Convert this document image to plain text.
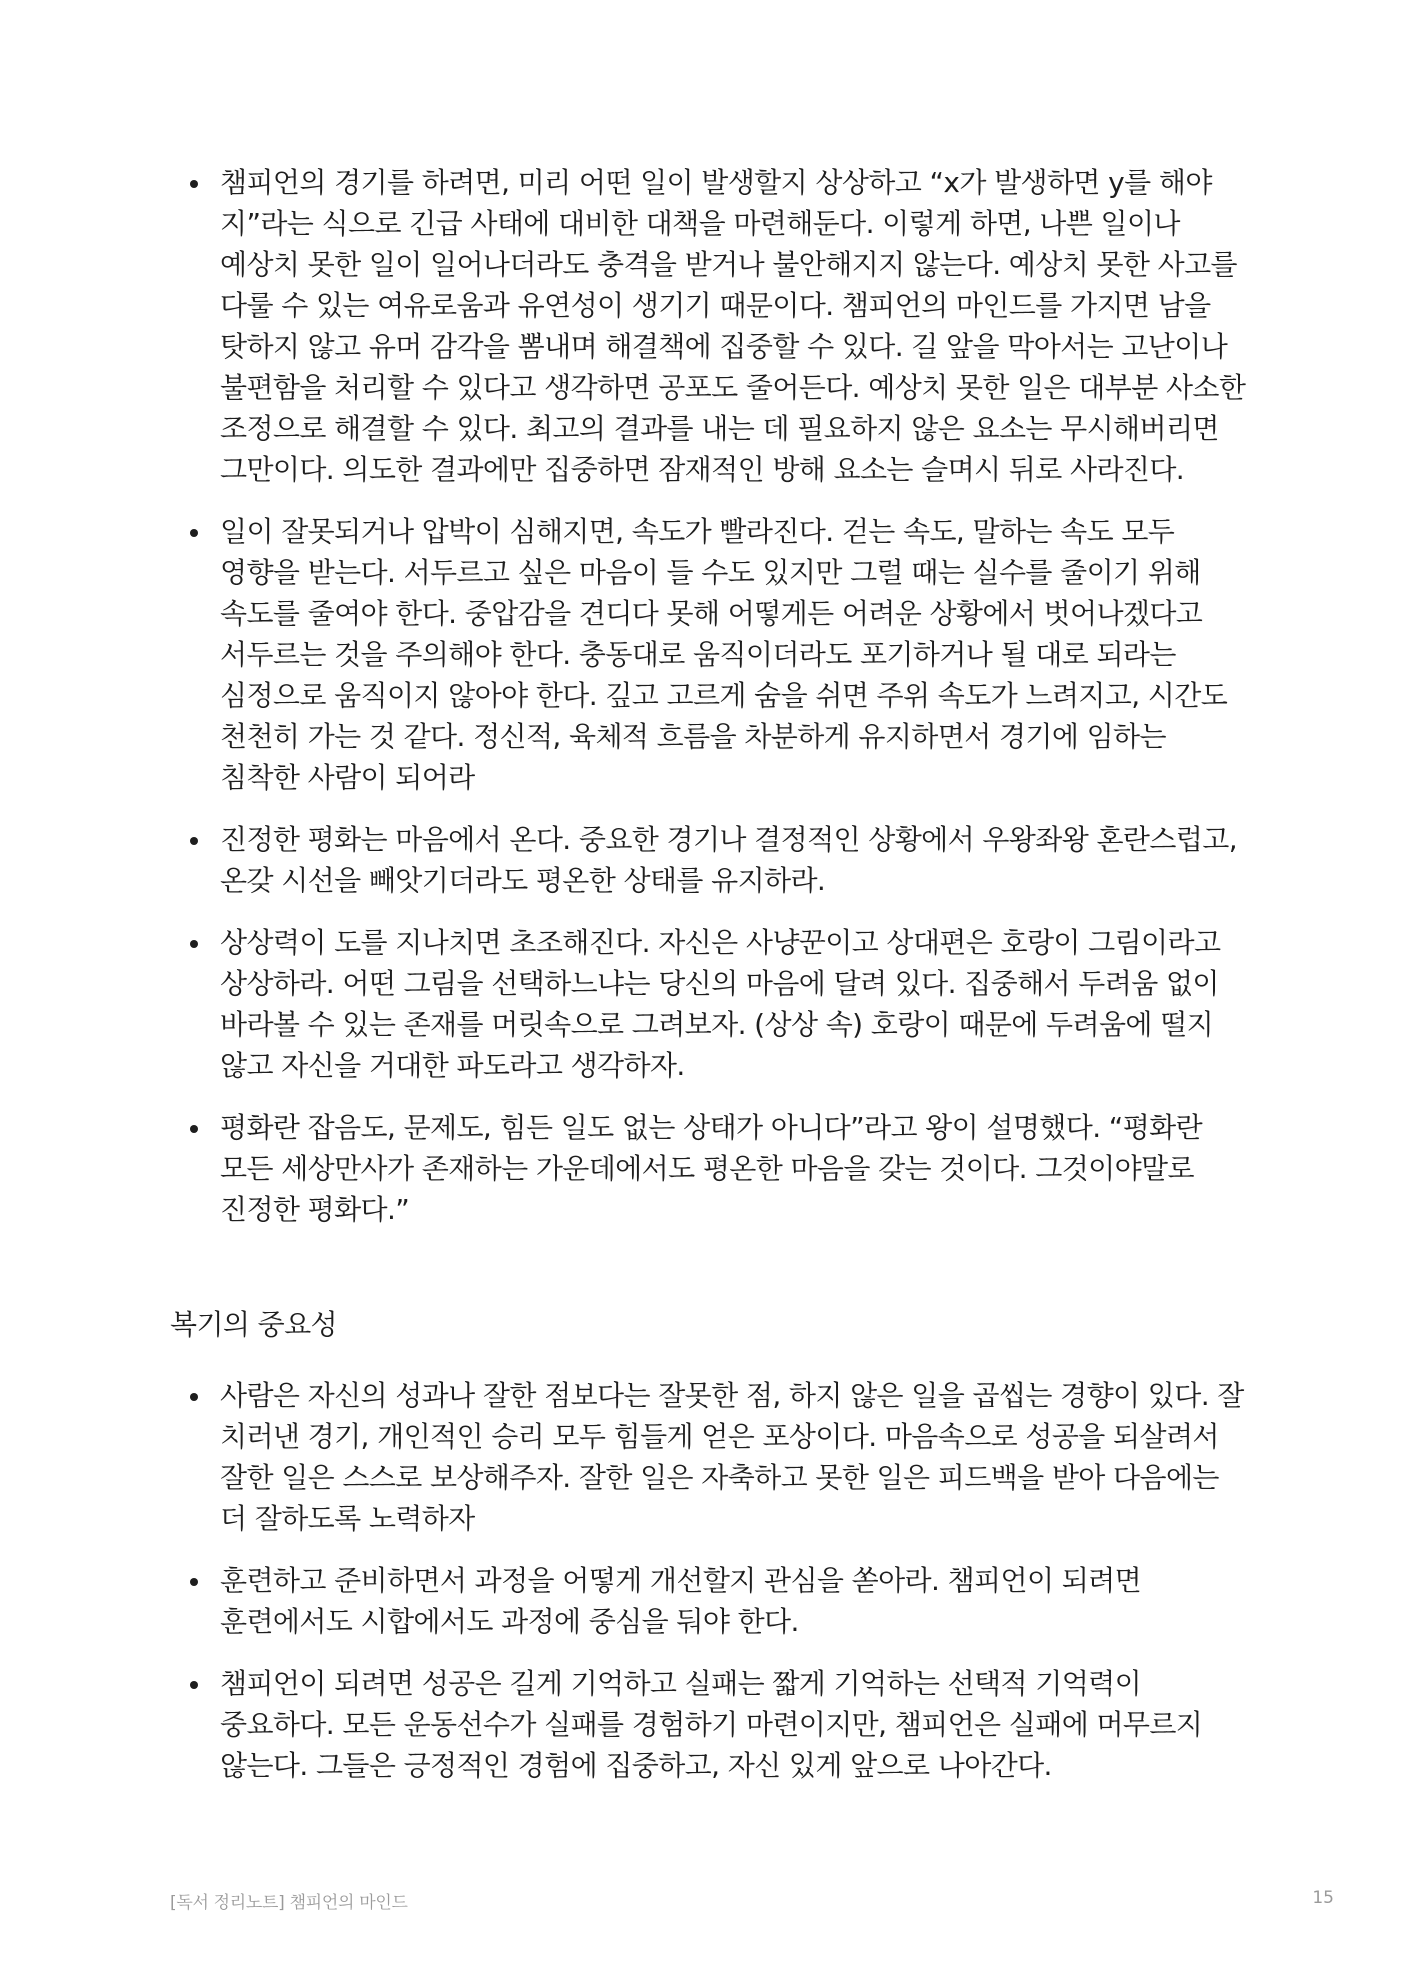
챔피언의 경기를 하려면, 미리 어떤 일이 발생할지 상상하고 “x가 발생하면 y를 해야 지”라는 식으로 긴급 사태에 대비한 대책을 마련해둔다. 이렇게 하면, 나쁜 일이나 예상치 못한 일이 일어나더라도 충격을 받거나 불안해지지 않는다. 예상치 못한 사고를 다룰 수 있는 여유로움과 유연성이 생기기 때문이다. 챔피언의 마인드를 가지면 남을 탓하지 않고 유머 감각을 뽐내며 해결책에 집중할 수 있다. 길 앞을 막아서는 고난이나 불편함을 처리할 수 있다고 생각하면 공포도 줄어든다. 예상치 못한 일은 대부분 사소한 조정으로 해결할 수 있다. 최고의 결과를 내는 데 필요하지 않은 요소는 무시해버리면 그만이다. 의도한 결과에만 집중하면 잠재적인 방해 요소는 슬며시 뒤로 사라진다.
일이 잘못되거나 압박이 심해지면, 속도가 빨라진다. 걷는 속도, 말하는 속도 모두 영향을 받는다. 서두르고 싶은 마음이 들 수도 있지만 그럴 때는 실수를 줄이기 위해 속도를 줄여야 한다. 중압감을 견디다 못해 어떻게든 어려운 상황에서 벗어나겠다고 서두르는 것을 주의해야 한다. 충동대로 움직이더라도 포기하거나 될 대로 되라는 심정으로 움직이지 않아야 한다. 깊고 고르게 숨을 쉬면 주위 속도가 느려지고, 시간도 천천히 가는 것 같다. 정신적, 육체적 흐름을 차분하게 유지하면서 경기에 임하는 침착한 사람이 되어라
진정한 평화는 마음에서 온다. 중요한 경기나 결정적인 상황에서 우왕좌왕 혼란스럽고, 온갖 시선을 빼앗기더라도 평온한 상태를 유지하라.
상상력이 도를 지나치면 초조해진다. 자신은 사냥꾼이고 상대편은 호랑이 그림이라고 상상하라. 어떤 그림을 선택하느냐는 당신의 마음에 달려 있다. 집중해서 두려움 없이 바라볼 수 있는 존재를 머릿속으로 그려보자. (상상 속) 호랑이 때문에 두려움에 떨지 않고 자신을 거대한 파도라고 생각하자.
평화란 잡음도, 문제도, 힘든 일도 없는 상태가 아니다”라고 왕이 설명했다. “평화란 모든 세상만사가 존재하는 가운데에서도 평온한 마음을 갖는 것이다. 그것이야말로 진정한 평화다.”
복기의 중요성
사람은 자신의 성과나 잘한 점보다는 잘못한 점, 하지 않은 일을 곱씹는 경향이 있다. 잘 치러낸 경기, 개인적인 승리 모두 힘들게 얻은 포상이다. 마음속으로 성공을 되살려서 잘한 일은 스스로 보상해주자. 잘한 일은 자축하고 못한 일은 피드백을 받아 다음에는 더 잘하도록 노력하자
훈련하고 준비하면서 과정을 어떻게 개선할지 관심을 쏟아라. 챔피언이 되려면 훈련에서도 시합에서도 과정에 중심을 둬야 한다.
챔피언이 되려면 성공은 길게 기억하고 실패는 짧게 기억하는 선택적 기억력이 중요하다. 모든 운동선수가 실패를 경험하기 마련이지만, 챔피언은 실패에 머무르지 않는다. 그들은 긍정적인 경험에 집중하고, 자신 있게 앞으로 나아간다.
[독서 정리노트] 챔피언의 마인드	15
